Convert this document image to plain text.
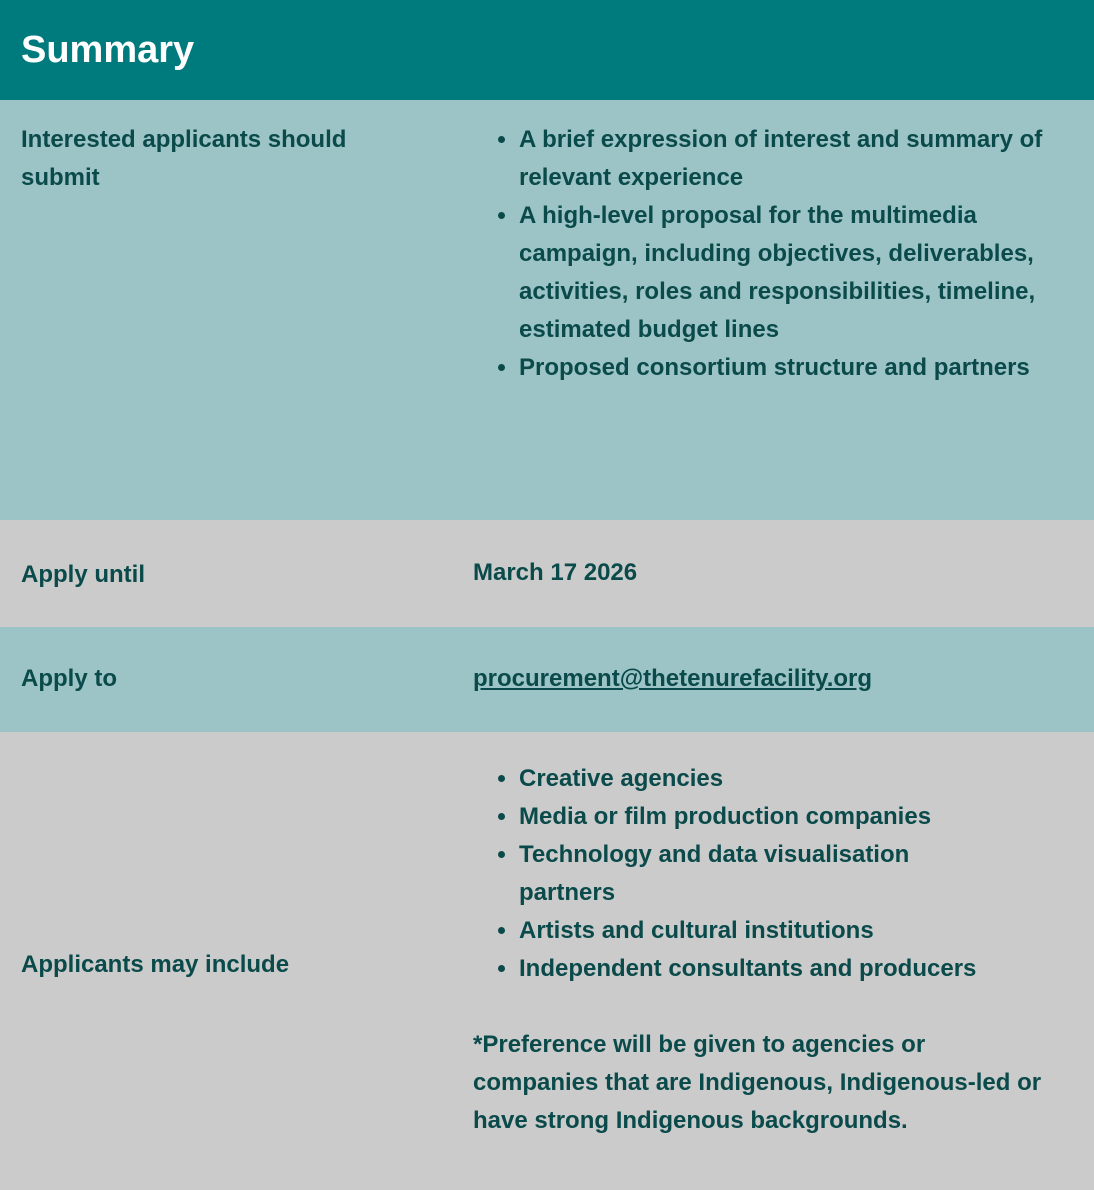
Summary
Interested applicants should submit
• A brief expression of interest and summary of relevant experience
• A high-level proposal for the multimedia campaign, including objectives, deliverables, activities, roles and responsibilities, timeline, estimated budget lines
• Proposed consortium structure and partners
Apply until	March 17 2026
Apply to	procurement@thetenurefacility.org
Applicants may include
• Creative agencies
• Media or film production companies
• Technology and data visualisation partners
• Artists and cultural institutions
• Independent consultants and producers
*Preference will be given to agencies or companies that are Indigenous, Indigenous-led or have strong Indigenous backgrounds.
